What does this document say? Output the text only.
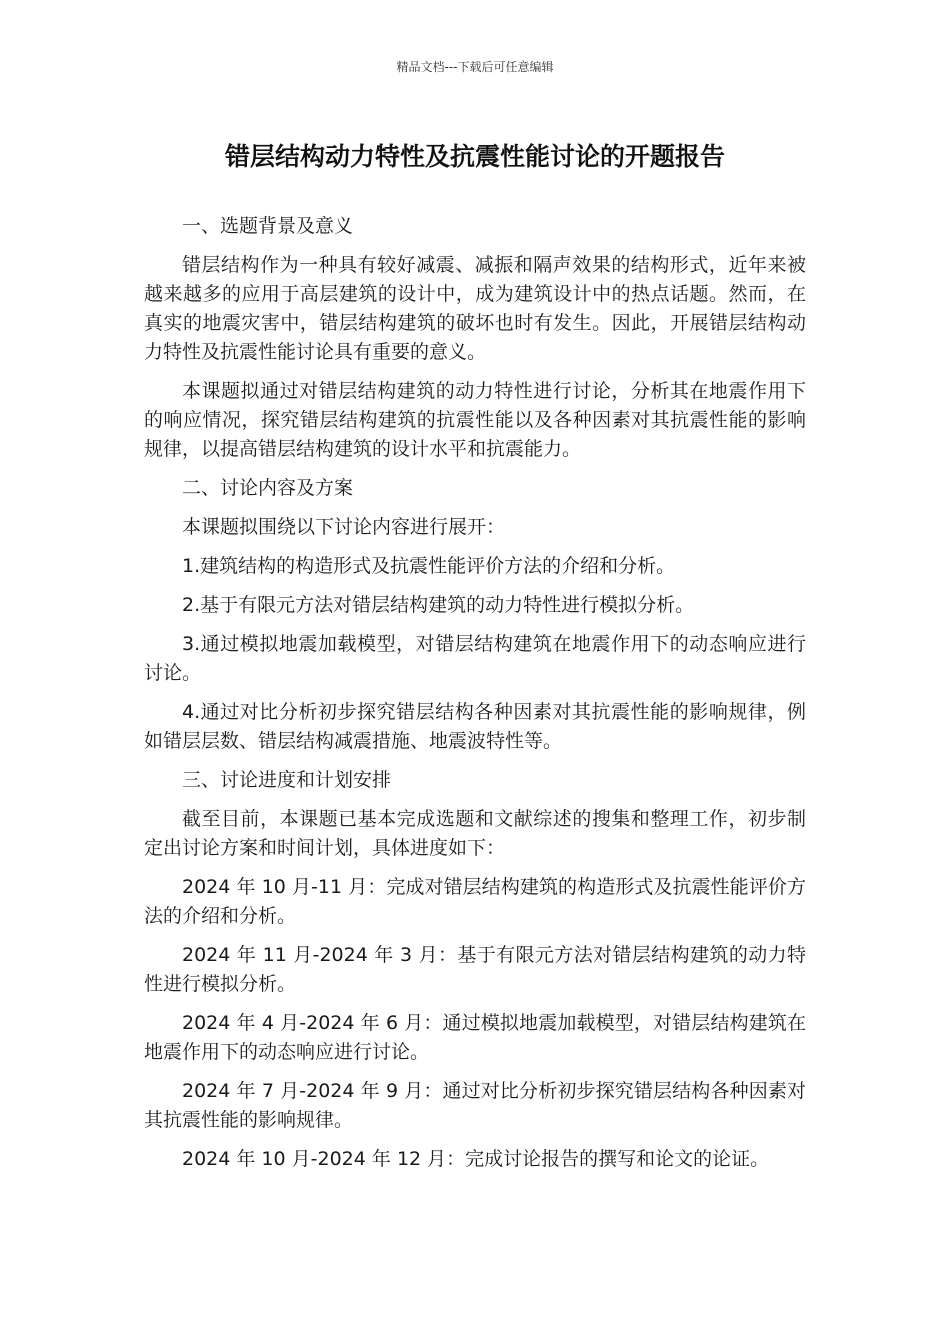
精品文档---下载后可任意编辑
错层结构动力特性及抗震性能讨论的开题报告

一、选题背景及意义

错层结构作为一种具有较好减震、减振和隔声效果的结构形式，近年来被越来越多的应用于高层建筑的设计中，成为建筑设计中的热点话题。然而，在真实的地震灾害中，错层结构建筑的破坏也时有发生。因此，开展错层结构动力特性及抗震性能讨论具有重要的意义。

本课题拟通过对错层结构建筑的动力特性进行讨论，分析其在地震作用下的响应情况，探究错层结构建筑的抗震性能以及各种因素对其抗震性能的影响规律，以提高错层结构建筑的设计水平和抗震能力。

二、讨论内容及方案

本课题拟围绕以下讨论内容进行展开：

1.建筑结构的构造形式及抗震性能评价方法的介绍和分析。

2.基于有限元方法对错层结构建筑的动力特性进行模拟分析。

3.通过模拟地震加载模型，对错层结构建筑在地震作用下的动态响应进行讨论。

4.通过对比分析初步探究错层结构各种因素对其抗震性能的影响规律，例如错层层数、错层结构减震措施、地震波特性等。

三、讨论进度和计划安排

截至目前，本课题已基本完成选题和文献综述的搜集和整理工作，初步制定出讨论方案和时间计划，具体进度如下：

2024 年 10 月-11 月：完成对错层结构建筑的构造形式及抗震性能评价方法的介绍和分析。

2024 年 11 月-2024 年 3 月：基于有限元方法对错层结构建筑的动力特性进行模拟分析。

2024 年 4 月-2024 年 6 月：通过模拟地震加载模型，对错层结构建筑在地震作用下的动态响应进行讨论。

2024 年 7 月-2024 年 9 月：通过对比分析初步探究错层结构各种因素对其抗震性能的影响规律。

2024 年 10 月-2024 年 12 月：完成讨论报告的撰写和论文的论证。
